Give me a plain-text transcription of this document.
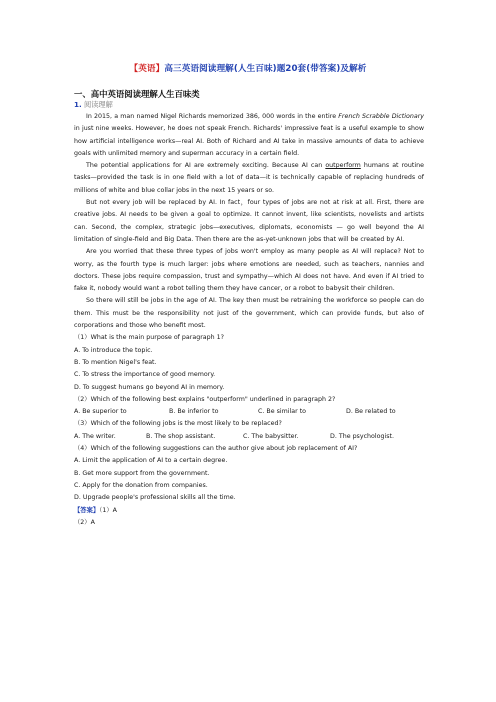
【英语】高三英语阅读理解(人生百味)题20套(带答案)及解析
一、高中英语阅读理解人生百味类
1. 阅读理解

In 2015, a man named Nigel Richards memorized 386, 000 words in the entire French Scrabble Dictionary in just nine weeks. However, he does not speak French. Richards' impressive feat is a useful example to show how artificial intelligence works—real AI. Both of Richard and AI take in massive amounts of data to achieve goals with unlimited memory and superman accuracy in a certain field.

The potential applications for AI are extremely exciting. Because AI can outperform humans at routine tasks—provided the task is in one field with a lot of data—it is technically capable of replacing hundreds of millions of white and blue collar jobs in the next 15 years or so.

But not every job will be replaced by AI. In fact，four types of jobs are not at risk at all. First, there are creative jobs. AI needs to be given a goal to optimize. It cannot invent, like scientists, novelists and artists can. Second, the complex, strategic jobs—executives, diplomats, economists — go well beyond the AI limitation of single-field and Big Data. Then there are the as-yet-unknown jobs that will be created by AI.

Are you worried that these three types of jobs won't employ as many people as AI will replace? Not to worry, as the fourth type is much larger: jobs where emotions are needed, such as teachers, nannies and doctors. These jobs require compassion, trust and sympathy—which AI does not have. And even if AI tried to fake it, nobody would want a robot telling them they have cancer, or a robot to babysit their children.

So there will still be jobs in the age of AI. The key then must be retraining the workforce so people can do them. This must be the responsibility not just of the government, which can provide funds, but also of corporations and those who benefit most.

（1）What is the main purpose of paragraph 1?

A. To introduce the topic.

B. To mention Nigel's feat.

C. To stress the importance of good memory.

D. To suggest humans go beyond AI in memory.

（2）Which of the following best explains "outperform" underlined in paragraph 2?

A. Be superior to	B. Be inferior to	C. Be similar to	D. Be related to

（3）Which of the following jobs is the most likely to be replaced?

A. The writer.	B. The shop assistant.	C. The babysitter.	D. The psychologist.

（4）Which of the following suggestions can the author give about job replacement of AI?

A. Limit the application of AI to a certain degree.

B. Get more support from the government.

C. Apply for the donation from companies.

D. Upgrade people's professional skills all the time.

【答案】（1）A

（2）A
